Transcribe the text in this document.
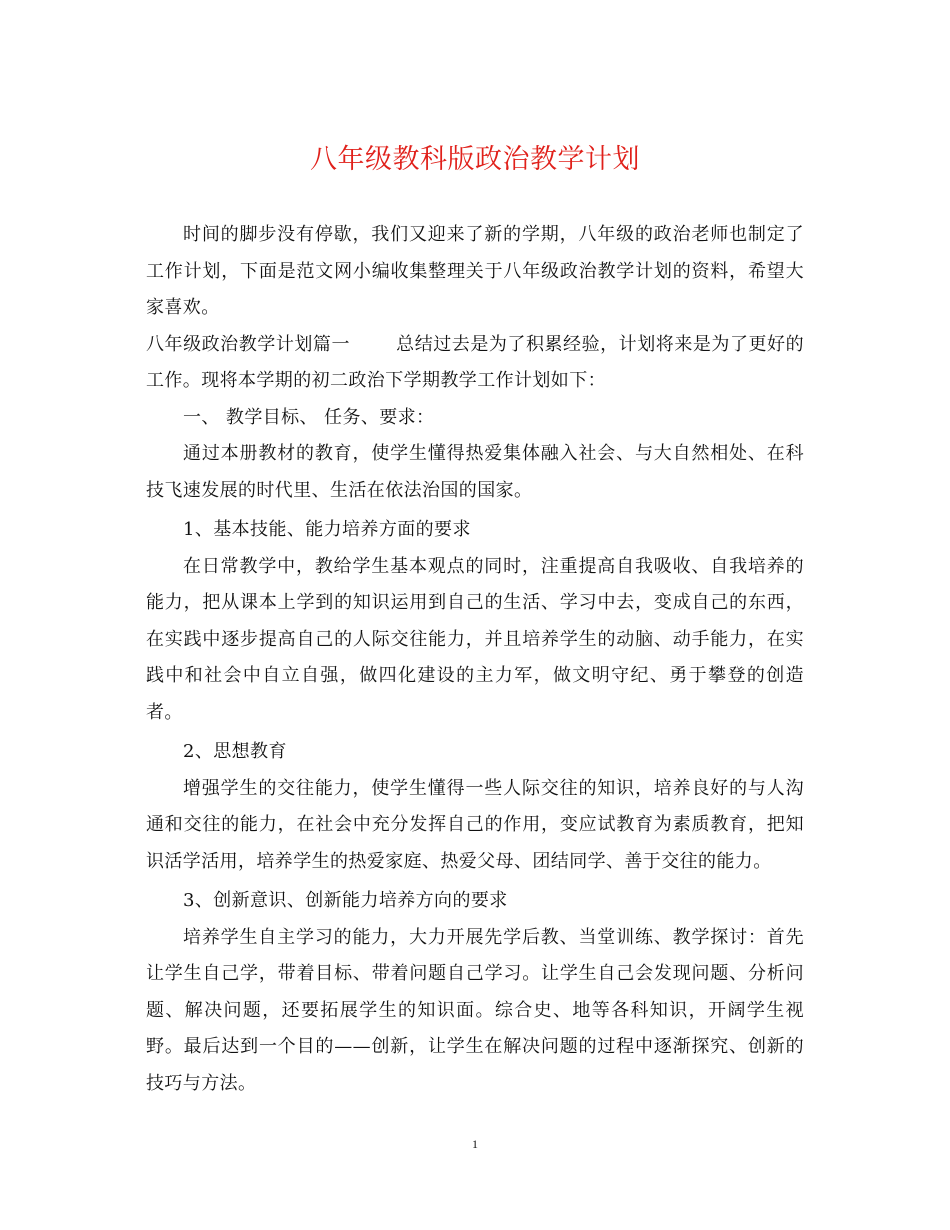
八年级教科版政治教学计划

时间的脚步没有停歇，我们又迎来了新的学期，八年级的政治老师也制定了工作计划，下面是范文网小编收集整理关于八年级政治教学计划的资料，希望大家喜欢。

八年级政治教学计划篇一	总结过去是为了积累经验，计划将来是为了更好的工作。现将本学期的初二政治下学期教学工作计划如下：

一、 教学目标、 任务、要求：

通过本册教材的教育，使学生懂得热爱集体融入社会、与大自然相处、在科技飞速发展的时代里、生活在依法治国的国家。

1、基本技能、能力培养方面的要求

在日常教学中，教给学生基本观点的同时，注重提高自我吸收、自我培养的能力，把从课本上学到的知识运用到自己的生活、学习中去，变成自己的东西，在实践中逐步提高自己的人际交往能力，并且培养学生的动脑、动手能力，在实践中和社会中自立自强，做四化建设的主力军，做文明守纪、勇于攀登的创造者。

2、思想教育

增强学生的交往能力，使学生懂得一些人际交往的知识，培养良好的与人沟通和交往的能力，在社会中充分发挥自己的作用，变应试教育为素质教育，把知识活学活用，培养学生的热爱家庭、热爱父母、团结同学、善于交往的能力。

3、创新意识、创新能力培养方向的要求

培养学生自主学习的能力，大力开展先学后教、当堂训练、教学探讨：首先让学生自己学，带着目标、带着问题自己学习。让学生自己会发现问题、分析问题、解决问题，还要拓展学生的知识面。综合史、地等各科知识，开阔学生视野。最后达到一个目的——创新，让学生在解决问题的过程中逐渐探究、创新的技巧与方法。

1
